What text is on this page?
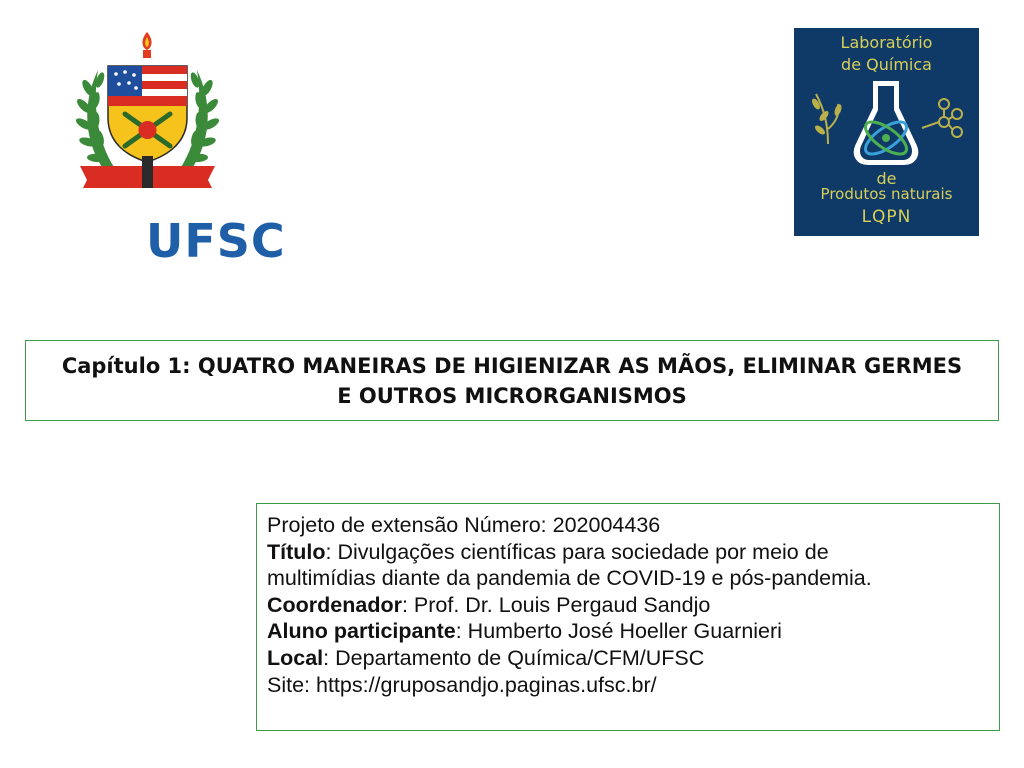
UFSC
Laboratório
de Química
de
Produtos naturais
LQPN
Capítulo 1: QUATRO MANEIRAS DE HIGIENIZAR AS MÃOS, ELIMINAR GERMES E OUTROS MICRORGANISMOS
Projeto de extensão Número: 202004436
Título: Divulgações científicas para sociedade por meio de
multimídias diante da pandemia de COVID-19 e pós-pandemia.
Coordenador: Prof. Dr. Louis Pergaud Sandjo
Aluno participante: Humberto José Hoeller Guarnieri
Local: Departamento de Química/CFM/UFSC
Site: https://gruposandjo.paginas.ufsc.br/
